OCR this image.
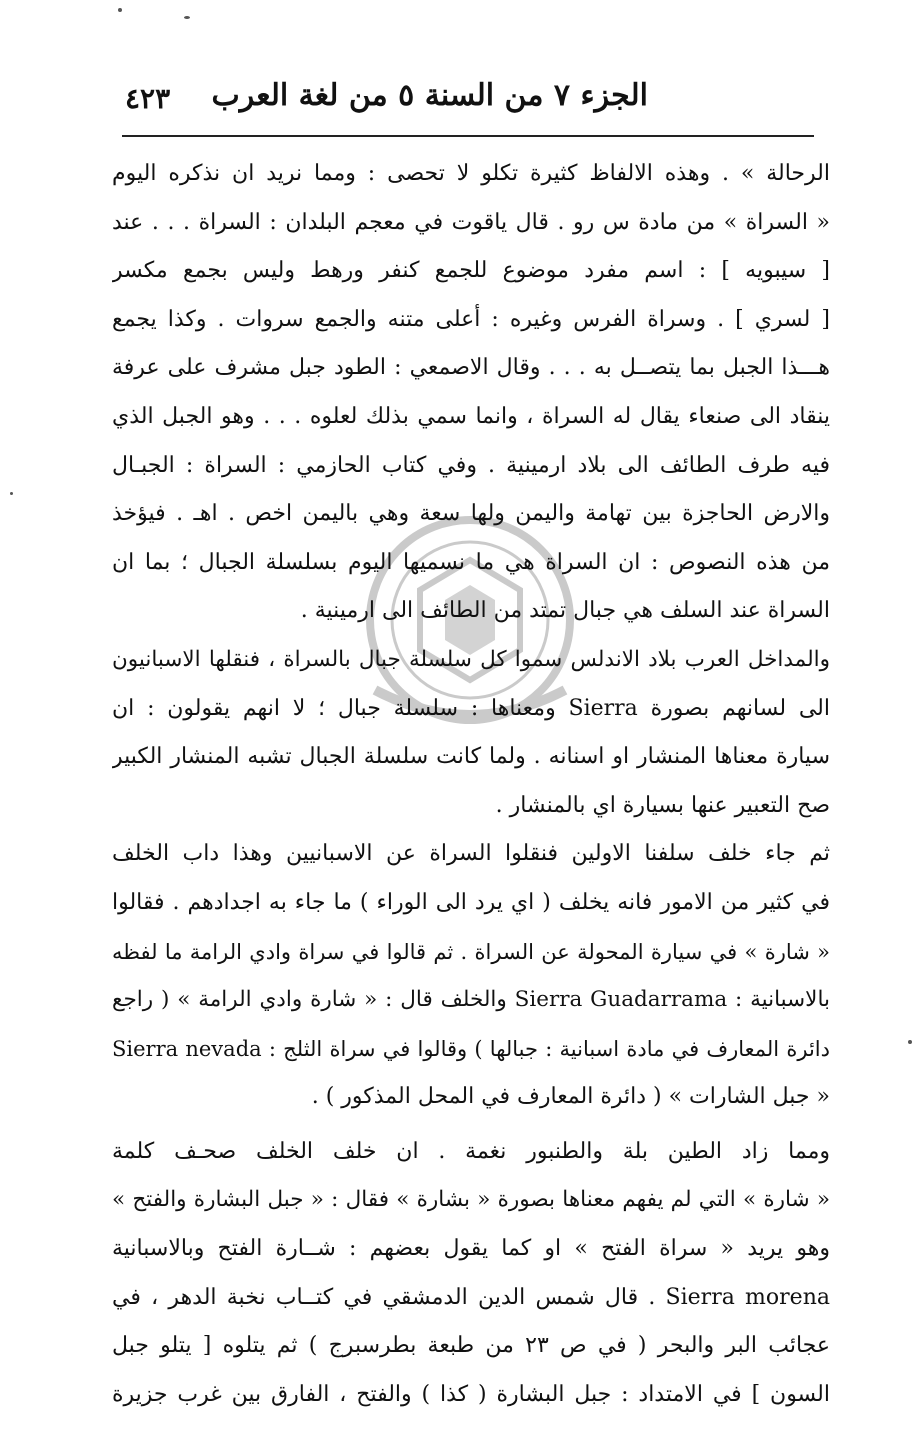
٤٢٣ الجزء ٧ من السنة ٥ من لغة العرب
الرحالة » . وهذه الالفاظ كثيرة تكلو لا تحصى : ومما نريد ان نذكره اليوم
« السراة » من مادة س رو . قال ياقوت في معجم البلدان : السراة . . . عند
[ سيبويه ] : اسم مفرد موضوع للجمع كنفر ورهط وليس بجمع مكسر
[ لسري ] . وسراة الفرس وغيره : أعلى متنه والجمع سروات . وكذا يجمع
هـــذا الجبل بما يتصــل به . . . وقال الاصمعي : الطود جبل مشرف على عرفة
ينقاد الى صنعاء يقال له السراة ، وانما سمي بذلك لعلوه . . . وهو الجبل الذي
فيه طرف الطائف الى بلاد ارمينية . وفي كتاب الحازمي : السراة : الجبـال
والارض الحاجزة بين تهامة واليمن ولها سعة وهي باليمن اخص . اهـ . فيؤخذ
من هذه النصوص : ان السراة هي ما نسميها اليوم بسلسلة الجبال ؛ بما ان
السراة عند السلف هي جبال تمتد من الطائف الى ارمينية .
والمداخل العرب بلاد الاندلس سموا كل سلسلة جبال بالسراة ، فنقلها الاسبانيون
الى لسانهم بصورة Sierra ومعناها : سلسلة جبال ؛ لا انهم يقولون : ان
سيارة معناها المنشار او اسنانه . ولما كانت سلسلة الجبال تشبه المنشار الكبير
صح التعبير عنها بسيارة اي بالمنشار .
ثم جاء خلف سلفنا الاولين فنقلوا السراة عن الاسبانيين وهذا داب الخلف
في كثير من الامور فانه يخلف ( اي يرد الى الوراء ) ما جاء به اجدادهم . فقالوا
« شارة » في سيارة المحولة عن السراة . ثم قالوا في سراة وادي الرامة ما لفظه
بالاسبانية : Sierra Guadarrama والخلف قال : « شارة وادي الرامة » ( راجع
دائرة المعارف في مادة اسبانية : جبالها ) وقالوا في سراة الثلج : Sierra nevada
« جبل الشارات » ( دائرة المعارف في المحل المذكور ) .
ومما زاد الطين بلة والطنبور نغمة . ان خلف الخلف صحـف كلمة
« شارة » التي لم يفهم معناها بصورة « بشارة » فقال : « جبل البشارة والفتح »
وهو يريد « سراة الفتح » او كما يقول بعضهم : شــارة الفتح وبالاسبانية
Sierra morena . قال شمس الدين الدمشقي في كتــاب نخبة الدهر ، في
عجائب البر والبحر ( في ص ٢٣ من طبعة بطرسبرج ) ثم يتلوه [ يتلو جبل
السون ] في الامتداد : جبل البشارة ( كذا ) والفتح ، الفارق بين غرب جزيرة
